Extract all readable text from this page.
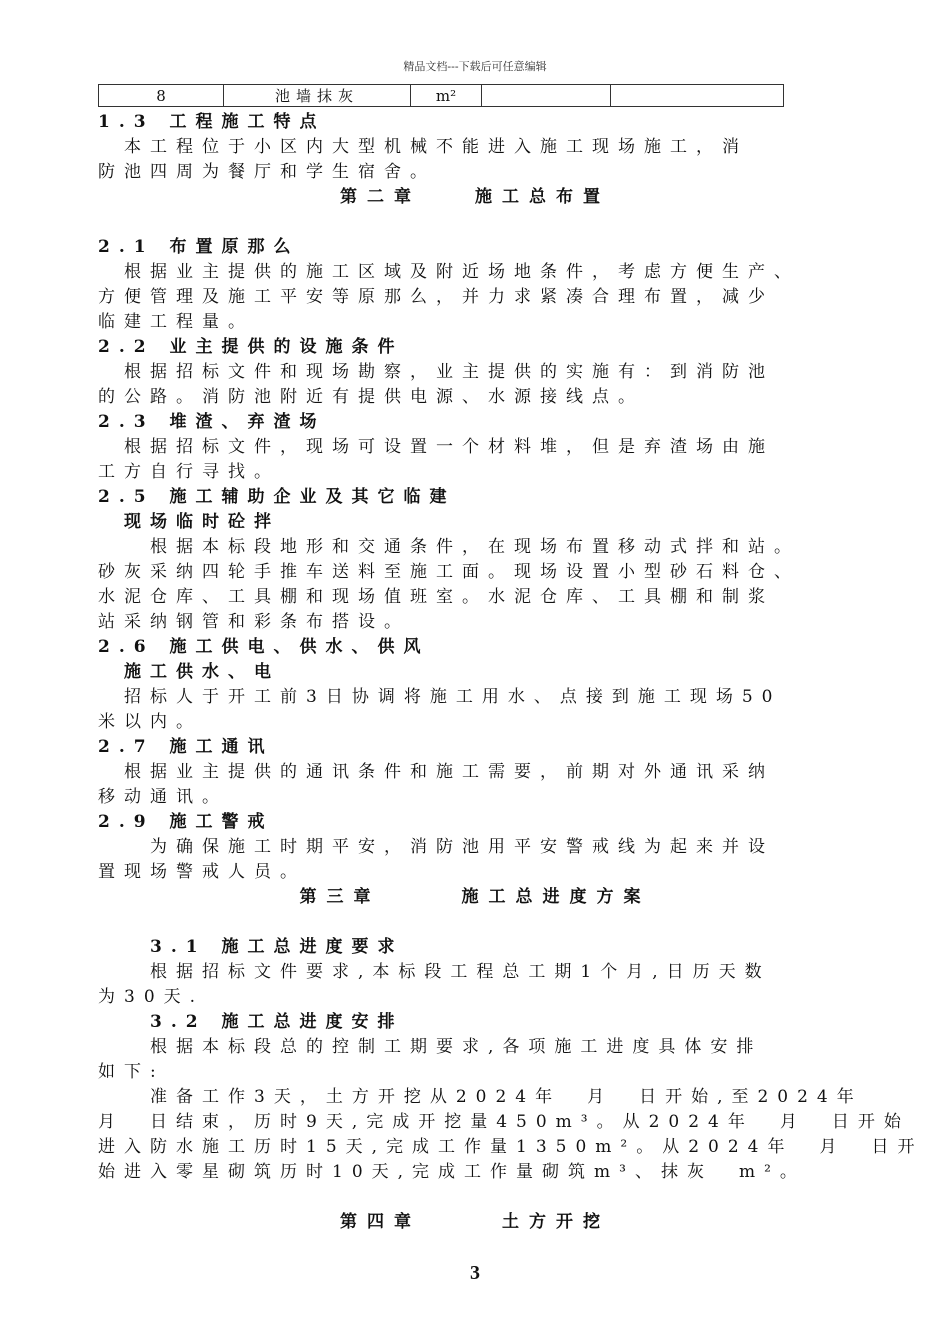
精品文档---下载后可任意编辑
8	池墙抹灰	m²		
1.3 工程施工特点
　本工程位于小区内大型机械不能进入施工现场施工，消
防池四周为餐厅和学生宿舍。
第二章　　施工总布置
2.1 布置原那么
　根据业主提供的施工区域及附近场地条件，考虑方便生产、
方便管理及施工平安等原那么，并力求紧凑合理布置，减少
临建工程量。
2.2 业主提供的设施条件
　根据招标文件和现场勘察，业主提供的实施有：到消防池
的公路。消防池附近有提供电源、水源接线点。
2.3 堆渣、弃渣场
　根据招标文件，现场可设置一个材料堆，但是弃渣场由施
工方自行寻找。
2.5 施工辅助企业及其它临建
　现场临时砼拌
　　根据本标段地形和交通条件，在现场布置移动式拌和站。
砂灰采纳四轮手推车送料至施工面。现场设置小型砂石料仓、
水泥仓库、工具棚和现场值班室。水泥仓库、工具棚和制浆
站采纳钢管和彩条布搭设。
2.6 施工供电、供水、供风
　施工供水、电
　招标人于开工前3日协调将施工用水、点接到施工现场50
米以内。
2.7 施工通讯
　根据业主提供的通讯条件和施工需要，前期对外通讯采纳
移动通讯。
2.9 施工警戒
　　为确保施工时期平安，消防池用平安警戒线为起来并设
置现场警戒人员。
第三章　　　施工总进度方案
　　3.1 施工总进度要求
　　根据招标文件要求,本标段工程总工期1个月,日历天数
为30天.
　　3.2 施工总进度安排
　　根据本标段总的控制工期要求,各项施工进度具体安排
如下:
　　准备工作3天，土方开挖从2024年　月　日开始,至2024年
月　日结束，历时9天,完成开挖量450m³。从2024年　月　日开始
进入防水施工历时15天,完成工作量1350m²。从2024年　月　日开
始进入零星砌筑历时10天,完成工作量砌筑m³、抹灰　m²。
第四章　　　土方开挖
3
